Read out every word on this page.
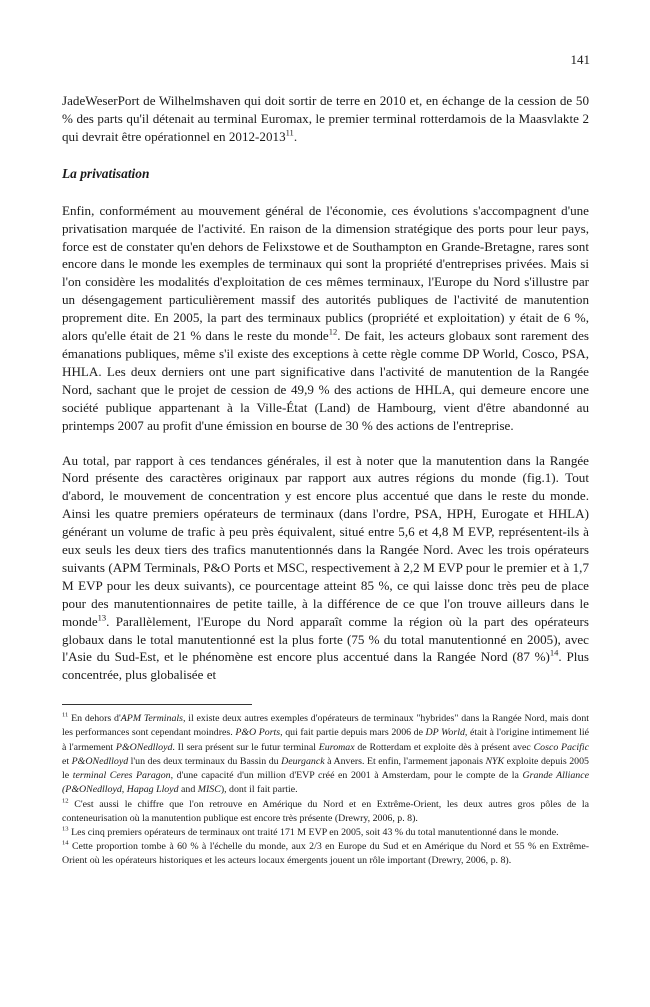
141

JadeWeserPort de Wilhelmshaven qui doit sortir de terre en 2010 et, en échange de la cession de 50 % des parts qu'il détenait au terminal Euromax, le premier terminal rotterdamois de la Maasvlakte 2 qui devrait être opérationnel en 2012-2013$^{11}$.

La privatisation

Enfin, conformément au mouvement général de l'économie, ces évolutions s'accompagnent d'une privatisation marquée de l'activité. En raison de la dimension stratégique des ports pour leur pays, force est de constater qu'en dehors de Felixstowe et de Southampton en Grande-Bretagne, rares sont encore dans le monde les exemples de terminaux qui sont la propriété d'entreprises privées. Mais si l'on considère les modalités d'exploitation de ces mêmes terminaux, l'Europe du Nord s'illustre par un désengagement particulièrement massif des autorités publiques de l'activité de manutention proprement dite. En 2005, la part des terminaux publics (propriété et exploitation) y était de 6 %, alors qu'elle était de 21 % dans le reste du monde$^{12}$. De fait, les acteurs globaux sont rarement des émanations publiques, même s'il existe des exceptions à cette règle comme DP World, Cosco, PSA, HHLA. Les deux derniers ont une part significative dans l'activité de manutention de la Rangée Nord, sachant que le projet de cession de 49,9 % des actions de HHLA, qui demeure encore une société publique appartenant à la Ville-État (Land) de Hambourg, vient d'être abandonné au printemps 2007 au profit d'une émission en bourse de 30 % des actions de l'entreprise.

Au total, par rapport à ces tendances générales, il est à noter que la manutention dans la Rangée Nord présente des caractères originaux par rapport aux autres régions du monde (fig.1). Tout d'abord, le mouvement de concentration y est encore plus accentué que dans le reste du monde. Ainsi les quatre premiers opérateurs de terminaux (dans l'ordre, PSA, HPH, Eurogate et HHLA) générant un volume de trafic à peu près équivalent, situé entre 5,6 et 4,8 M EVP, représentent-ils à eux seuls les deux tiers des trafics manutentionnés dans la Rangée Nord. Avec les trois opérateurs suivants (APM Terminals, P&O Ports et MSC, respectivement à 2,2 M EVP pour le premier et à 1,7 M EVP pour les deux suivants), ce pourcentage atteint 85 %, ce qui laisse donc très peu de place pour des manutentionnaires de petite taille, à la différence de ce que l'on trouve ailleurs dans le monde$^{13}$. Parallèlement, l'Europe du Nord apparaît comme la région où la part des opérateurs globaux dans le total manutentionné est la plus forte (75 % du total manutentionné en 2005), avec l'Asie du Sud-Est, et le phénomène est encore plus accentué dans la Rangée Nord (87 %)$^{14}$. Plus concentrée, plus globalisée et

$^{11}$ En dehors d'APM Terminals, il existe deux autres exemples d'opérateurs de terminaux "hybrides" dans la Rangée Nord, mais dont les performances sont cependant moindres. P&O Ports, qui fait partie depuis mars 2006 de DP World, était à l'origine intimement lié à l'armement P&ONedlloyd. Il sera présent sur le futur terminal Euromax de Rotterdam et exploite dès à présent avec Cosco Pacific et P&ONedlloyd l'un des deux terminaux du Bassin du Deurganck à Anvers. Et enfin, l'armement japonais NYK exploite depuis 2005 le terminal Ceres Paragon, d'une capacité d'un million d'EVP créé en 2001 à Amsterdam, pour le compte de la Grande Alliance (P&ONedlloyd, Hapag Lloyd and MISC), dont il fait partie.

$^{12}$ C'est aussi le chiffre que l'on retrouve en Amérique du Nord et en Extrême-Orient, les deux autres gros pôles de la conteneurisation où la manutention publique est encore très présente (Drewry, 2006, p. 8).

$^{13}$ Les cinq premiers opérateurs de terminaux ont traité 171 M EVP en 2005, soit 43 % du total manutentionné dans le monde.

$^{14}$ Cette proportion tombe à 60 % à l'échelle du monde, aux 2/3 en Europe du Sud et en Amérique du Nord et 55 % en Extrême-Orient où les opérateurs historiques et les acteurs locaux émergents jouent un rôle important (Drewry, 2006, p. 8).
